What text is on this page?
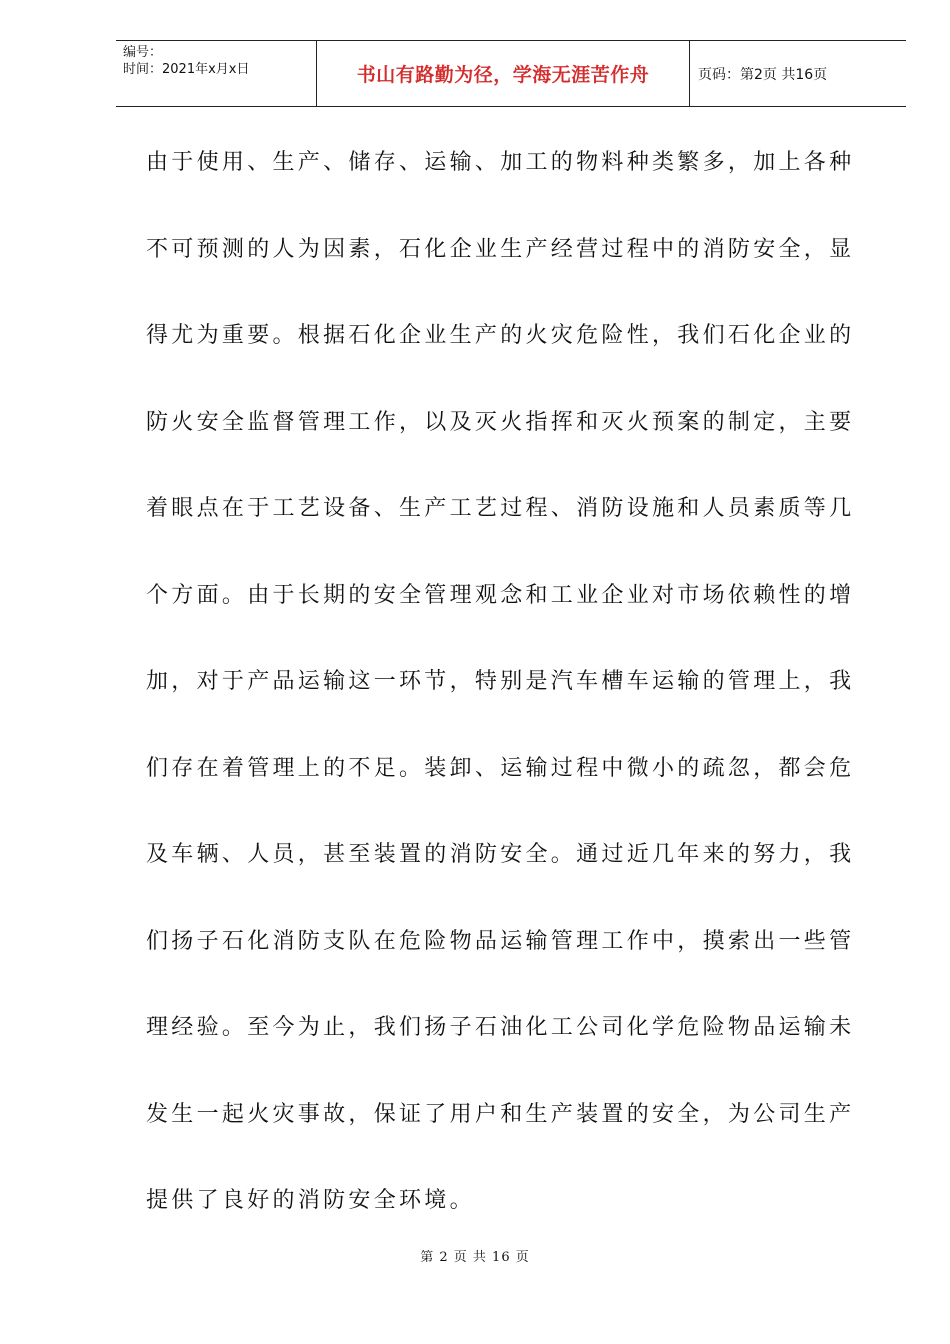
编号：
时间：2021年x月x日	书山有路勤为径，学海无涯苦作舟	页码：第2页 共16页
由于使用、生产、储存、运输、加工的物料种类繁多，加上各种
不可预测的人为因素，石化企业生产经营过程中的消防安全，显
得尤为重要。根据石化企业生产的火灾危险性，我们石化企业的
防火安全监督管理工作，以及灭火指挥和灭火预案的制定，主要
着眼点在于工艺设备、生产工艺过程、消防设施和人员素质等几
个方面。由于长期的安全管理观念和工业企业对市场依赖性的增
加，对于产品运输这一环节，特别是汽车槽车运输的管理上，我
们存在着管理上的不足。装卸、运输过程中微小的疏忽，都会危
及车辆、人员，甚至装置的消防安全。通过近几年来的努力，我
们扬子石化消防支队在危险物品运输管理工作中，摸索出一些管
理经验。至今为止，我们扬子石油化工公司化学危险物品运输未
发生一起火灾事故，保证了用户和生产装置的安全，为公司生产
提供了良好的消防安全环境。
第 2 页 共 16 页
